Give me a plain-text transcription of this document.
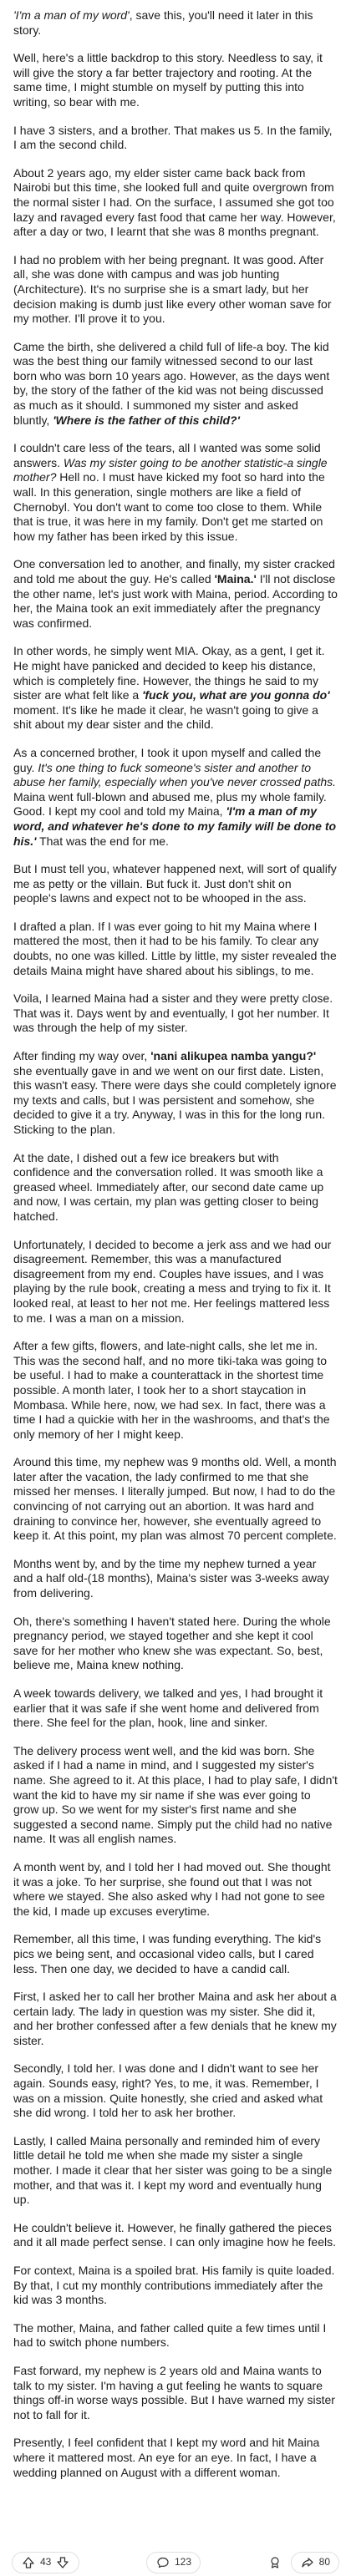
'I'm a man of my word', save this, you'll need it later in this story.

Well, here's a little backdrop to this story. Needless to say, it will give the story a far better trajectory and rooting. At the same time, I might stumble on myself by putting this into writing, so bear with me.

I have 3 sisters, and a brother. That makes us 5. In the family, I am the second child.

About 2 years ago, my elder sister came back back from Nairobi but this time, she looked full and quite overgrown from the normal sister I had. On the surface, I assumed she got too lazy and ravaged every fast food that came her way. However, after a day or two, I learnt that she was 8 months pregnant.

I had no problem with her being pregnant. It was good. After all, she was done with campus and was job hunting (Architecture). It's no surprise she is a smart lady, but her decision making is dumb just like every other woman save for my mother. I'll prove it to you.

Came the birth, she delivered a child full of life-a boy. The kid was the best thing our family witnessed second to our last born who was born 10 years ago. However, as the days went by, the story of the father of the kid was not being discussed as much as it should. I summoned my sister and asked bluntly, 'Where is the father of this child?'

I couldn't care less of the tears, all I wanted was some solid answers. Was my sister going to be another statistic-a single mother? Hell no. I must have kicked my foot so hard into the wall. In this generation, single mothers are like a field of Chernobyl. You don't want to come too close to them. While that is true, it was here in my family. Don't get me started on how my father has been irked by this issue.

One conversation led to another, and finally, my sister cracked and told me about the guy. He's called 'Maina.' I'll not disclose the other name, let's just work with Maina, period. According to her, the Maina took an exit immediately after the pregnancy was confirmed.

In other words, he simply went MIA. Okay, as a gent, I get it. He might have panicked and decided to keep his distance, which is completely fine. However, the things he said to my sister are what felt like a 'fuck you, what are you gonna do' moment. It's like he made it clear, he wasn't going to give a shit about my dear sister and the child.

As a concerned brother, I took it upon myself and called the guy. It's one thing to fuck someone's sister and another to abuse her family, especially when you've never crossed paths. Maina went full-blown and abused me, plus my whole family. Good. I kept my cool and told my Maina, 'I'm a man of my word, and whatever he's done to my family will be done to his.' That was the end for me.

But I must tell you, whatever happened next, will sort of qualify me as petty or the villain. But fuck it. Just don't shit on people's lawns and expect not to be whooped in the ass.

I drafted a plan. If I was ever going to hit my Maina where I mattered the most, then it had to be his family. To clear any doubts, no one was killed. Little by little, my sister revealed the details Maina might have shared about his siblings, to me.

Voila, I learned Maina had a sister and they were pretty close. That was it. Days went by and eventually, I got her number. It was through the help of my sister.

After finding my way over, 'nani alikupea namba yangu?' she eventually gave in and we went on our first date. Listen, this wasn't easy. There were days she could completely ignore my texts and calls, but I was persistent and somehow, she decided to give it a try. Anyway, I was in this for the long run. Sticking to the plan.

At the date, I dished out a few ice breakers but with confidence and the conversation rolled. It was smooth like a greased wheel. Immediately after, our second date came up and now, I was certain, my plan was getting closer to being hatched.

Unfortunately, I decided to become a jerk ass and we had our disagreement. Remember, this was a manufactured disagreement from my end. Couples have issues, and I was playing by the rule book, creating a mess and trying to fix it. It looked real, at least to her not me. Her feelings mattered less to me. I was a man on a mission.

After a few gifts, flowers, and late-night calls, she let me in. This was the second half, and no more tiki-taka was going to be useful. I had to make a counterattack in the shortest time possible. A month later, I took her to a short staycation in Mombasa. While here, now, we had sex. In fact, there was a time I had a quickie with her in the washrooms, and that's the only memory of her I might keep.

Around this time, my nephew was 9 months old. Well, a month later after the vacation, the lady confirmed to me that she missed her menses. I literally jumped. But now, I had to do the convincing of not carrying out an abortion. It was hard and draining to convince her, however, she eventually agreed to keep it. At this point, my plan was almost 70 percent complete.

Months went by, and by the time my nephew turned a year and a half old-(18 months), Maina's sister was 3-weeks away from delivering.

Oh, there's something I haven't stated here. During the whole pregnancy period, we stayed together and she kept it cool save for her mother who knew she was expectant. So, best, believe me, Maina knew nothing.

A week towards delivery, we talked and yes, I had brought it earlier that it was safe if she went home and delivered from there. She feel for the plan, hook, line and sinker.

The delivery process went well, and the kid was born. She asked if I had a name in mind, and I suggested my sister's name. She agreed to it. At this place, I had to play safe, I didn't want the kid to have my sir name if she was ever going to grow up. So we went for my sister's first name and she suggested a second name. Simply put the child had no native name. It was all english names.

A month went by, and I told her I had moved out. She thought it was a joke. To her surprise, she found out that I was not where we stayed. She also asked why I had not gone to see the kid, I made up excuses everytime.

Remember, all this time, I was funding everything. The kid's pics we being sent, and occasional video calls, but I cared less. Then one day, we decided to have a candid call.

First, I asked her to call her brother Maina and ask her about a certain lady. The lady in question was my sister. She did it, and her brother confessed after a few denials that he knew my sister.

Secondly, I told her. I was done and I didn't want to see her again. Sounds easy, right? Yes, to me, it was. Remember, I was on a mission. Quite honestly, she cried and asked what she did wrong. I told her to ask her brother.

Lastly, I called Maina personally and reminded him of every little detail he told me when she made my sister a single mother. I made it clear that her sister was going to be a single mother, and that was it. I kept my word and eventually hung up.

He couldn't believe it. However, he finally gathered the pieces and it all made perfect sense. I can only imagine how he feels.

For context, Maina is a spoiled brat. His family is quite loaded. By that, I cut my monthly contributions immediately after the kid was 3 months.

The mother, Maina, and father called quite a few times until I had to switch phone numbers.

Fast forward, my nephew is 2 years old and Maina wants to talk to my sister. I'm having a gut feeling he wants to square things off-in worse ways possible. But I have warned my sister not to fall for it.

Presently, I feel confident that I kept my word and hit Maina where it mattered most. An eye for an eye. In fact, I have a wedding planned on August with a different woman.

43	123	80
